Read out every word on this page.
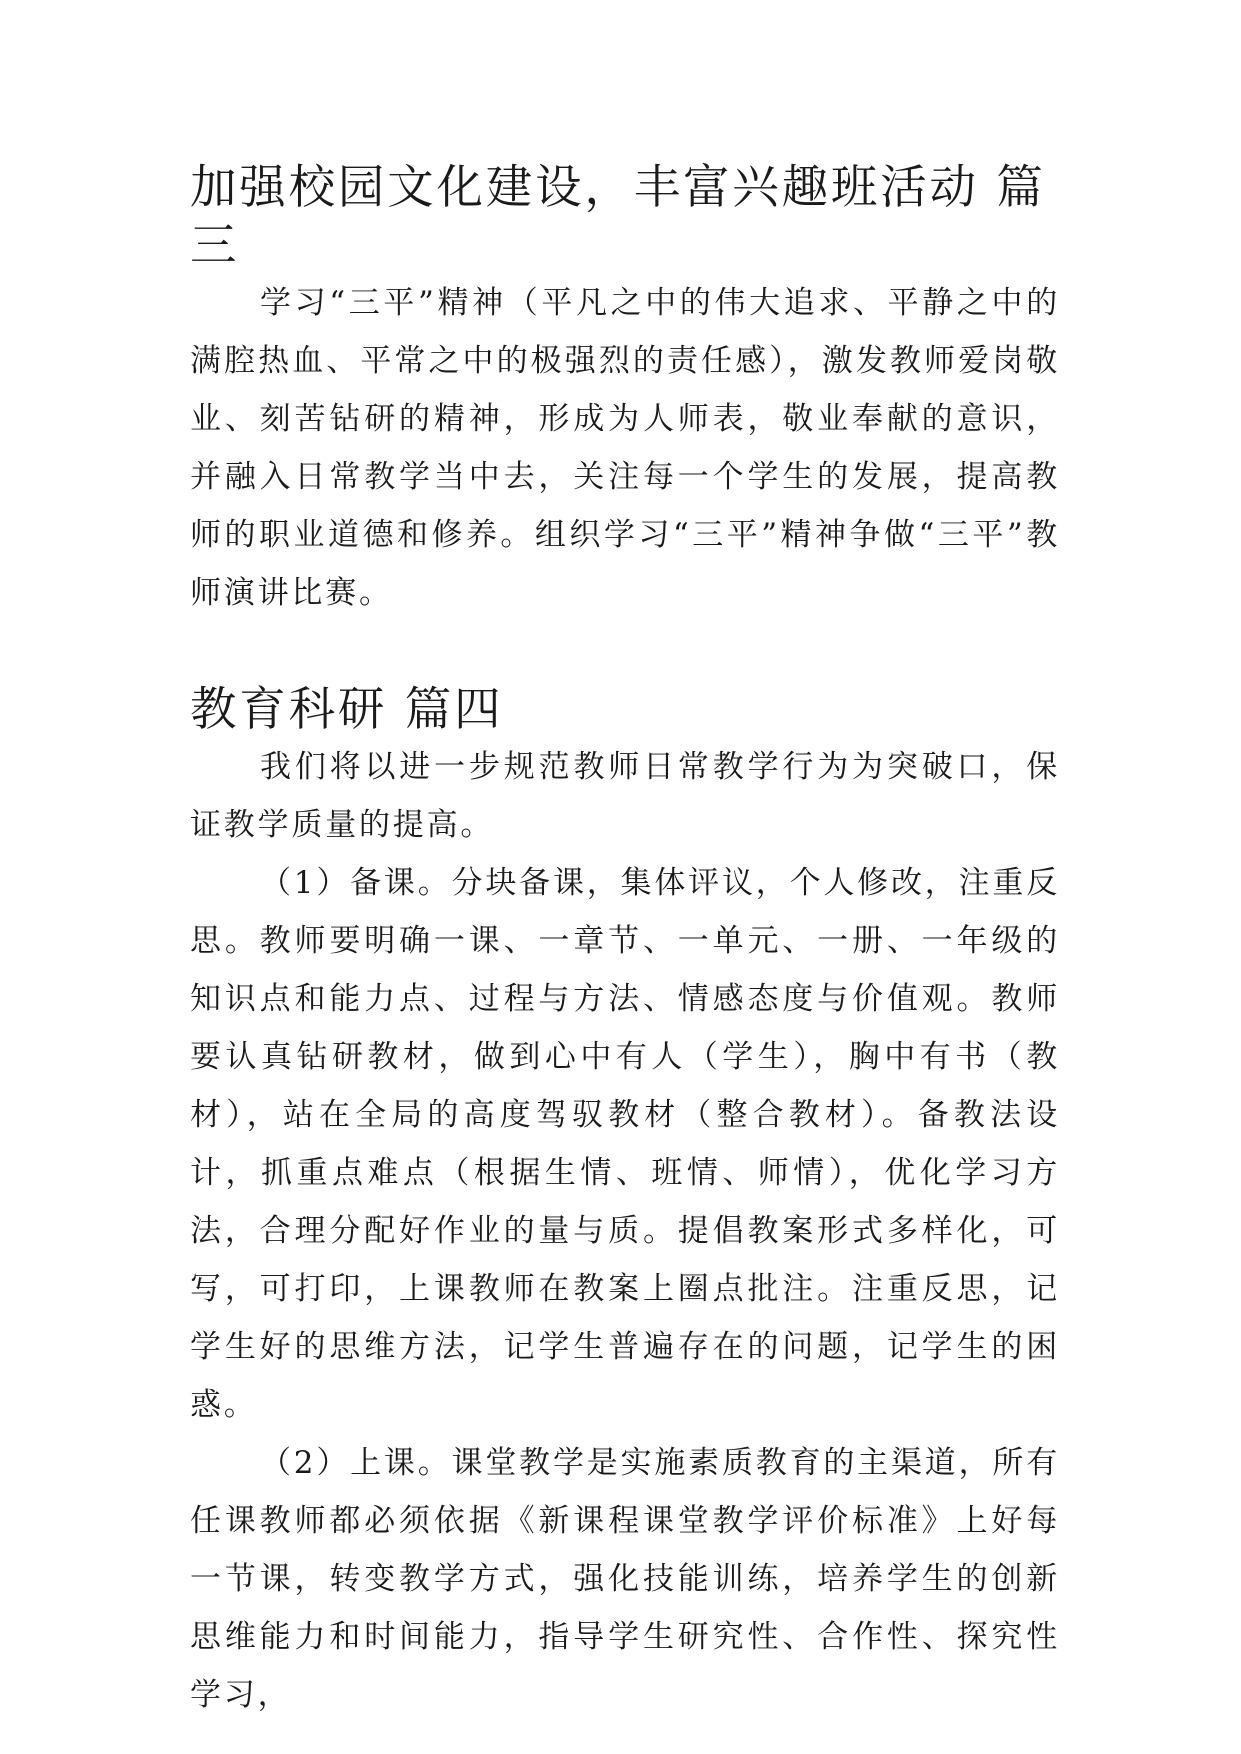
加强校园文化建设，丰富兴趣班活动 篇三

学习“三平”精神（平凡之中的伟大追求、平静之中的满腔热血、平常之中的极强烈的责任感），激发教师爱岗敬业、刻苦钻研的精神，形成为人师表，敬业奉献的意识，并融入日常教学当中去，关注每一个学生的发展，提高教师的职业道德和修养。组织学习“三平”精神争做“三平”教师演讲比赛。

教育科研 篇四

我们将以进一步规范教师日常教学行为为突破口，保证教学质量的提高。

（1）备课。分块备课，集体评议，个人修改，注重反思。教师要明确一课、一章节、一单元、一册、一年级的知识点和能力点、过程与方法、情感态度与价值观。教师要认真钻研教材，做到心中有人（学生），胸中有书（教材），站在全局的高度驾驭教材（整合教材）。备教法设计，抓重点难点（根据生情、班情、师情），优化学习方法，合理分配好作业的量与质。提倡教案形式多样化，可写，可打印，上课教师在教案上圈点批注。注重反思，记学生好的思维方法，记学生普遍存在的问题，记学生的困惑。

（2）上课。课堂教学是实施素质教育的主渠道，所有任课教师都必须依据《新课程课堂教学评价标准》上好每一节课，转变教学方式，强化技能训练，培养学生的创新思维能力和时间能力，指导学生研究性、合作性、探究性学习，
